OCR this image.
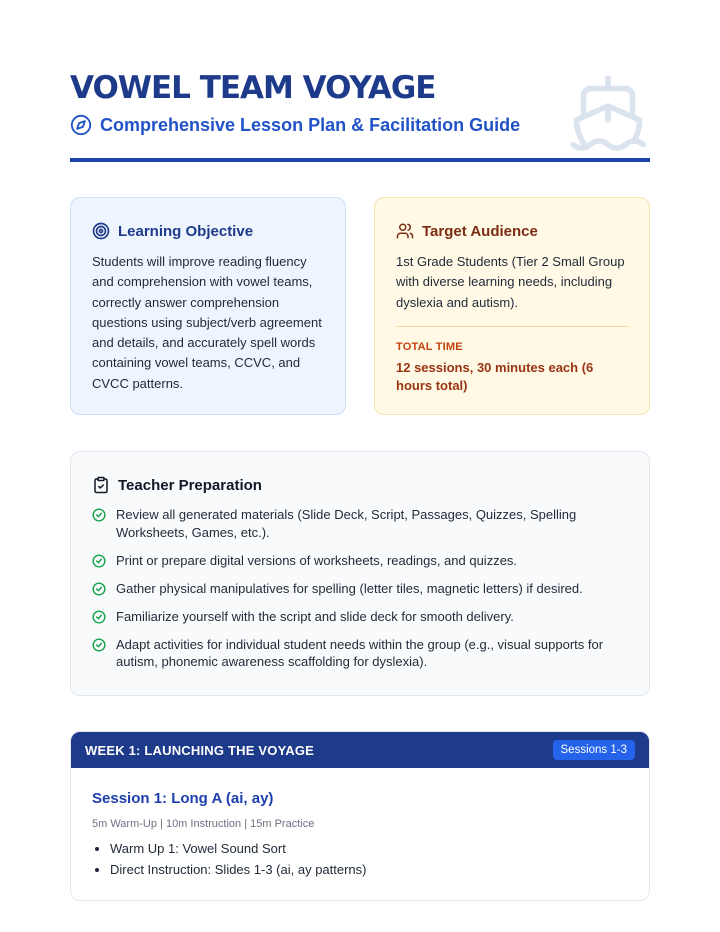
VOWEL TEAM VOYAGE
Comprehensive Lesson Plan & Facilitation Guide
Learning Objective

Students will improve reading fluency and comprehension with vowel teams, correctly answer comprehension questions using subject/verb agreement and details, and accurately spell words containing vowel teams, CCVC, and CVCC patterns.

Target Audience

1st Grade Students (Tier 2 Small Group with diverse learning needs, including dyslexia and autism).

TOTAL TIME
12 sessions, 30 minutes each (6 hours total)
Teacher Preparation
Review all generated materials (Slide Deck, Script, Passages, Quizzes, Spelling Worksheets, Games, etc.).
Print or prepare digital versions of worksheets, readings, and quizzes.
Gather physical manipulatives for spelling (letter tiles, magnetic letters) if desired.
Familiarize yourself with the script and slide deck for smooth delivery.
Adapt activities for individual student needs within the group (e.g., visual supports for autism, phonemic awareness scaffolding for dyslexia).
WEEK 1: LAUNCHING THE VOYAGE	Sessions 1-3
Session 1: Long A (ai, ay)
5m Warm-Up | 10m Instruction | 15m Practice
• Warm Up 1: Vowel Sound Sort
• Direct Instruction: Slides 1-3 (ai, ay patterns)
